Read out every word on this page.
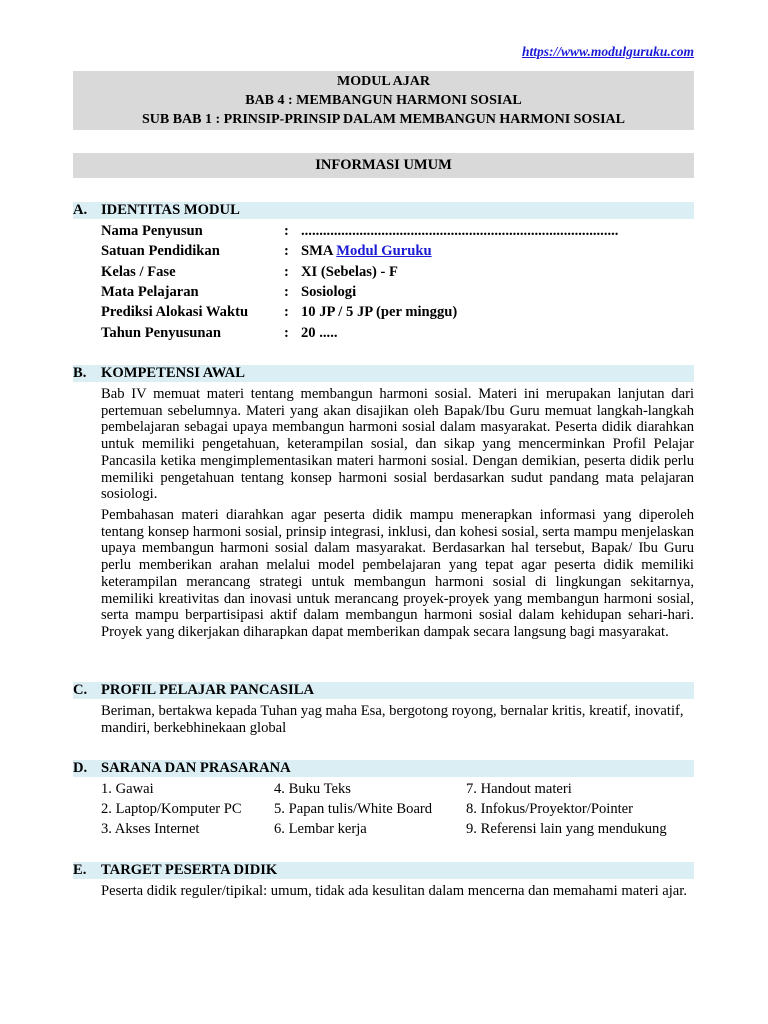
https://www.modulguruku.com
MODUL AJAR
BAB 4 : MEMBANGUN HARMONI SOSIAL
SUB BAB 1 : PRINSIP-PRINSIP DALAM MEMBANGUN HARMONI SOSIAL
INFORMASI UMUM
A. IDENTITAS MODUL
Nama Penyusun	: .......................................................................................
Satuan Pendidikan	: SMA Modul Guruku
Kelas / Fase	: XI (Sebelas) - F
Mata Pelajaran	: Sosiologi
Prediksi Alokasi Waktu : 10 JP / 5 JP (per minggu)
Tahun Penyusunan	: 20 .....
B. KOMPETENSI AWAL
Bab IV memuat materi tentang membangun harmoni sosial. Materi ini merupakan lanjutan dari pertemuan sebelumnya. Materi yang akan disajikan oleh Bapak/Ibu Guru memuat langkah-langkah pembelajaran sebagai upaya membangun harmoni sosial dalam masyarakat. Peserta didik diarahkan untuk memiliki pengetahuan, keterampilan sosial, dan sikap yang mencerminkan Profil Pelajar Pancasila ketika mengimplementasikan materi harmoni sosial. Dengan demikian, peserta didik perlu memiliki pengetahuan tentang konsep harmoni sosial berdasarkan sudut pandang mata pelajaran sosiologi.
Pembahasan materi diarahkan agar peserta didik mampu menerapkan informasi yang diperoleh tentang konsep harmoni sosial, prinsip integrasi, inklusi, dan kohesi sosial, serta mampu menjelaskan upaya membangun harmoni sosial dalam masyarakat. Berdasarkan hal tersebut, Bapak/ Ibu Guru perlu memberikan arahan melalui model pembelajaran yang tepat agar peserta didik memiliki keterampilan merancang strategi untuk membangun harmoni sosial di lingkungan sekitarnya, memiliki kreativitas dan inovasi untuk merancang proyek-proyek yang membangun harmoni sosial, serta mampu berpartisipasi aktif dalam membangun harmoni sosial dalam kehidupan sehari-hari. Proyek yang dikerjakan diharapkan dapat memberikan dampak secara langsung bagi masyarakat.
C. PROFIL PELAJAR PANCASILA
Beriman, bertakwa kepada Tuhan yag maha Esa, bergotong royong, bernalar kritis, kreatif, inovatif, mandiri, berkebhinekaan global
D. SARANA DAN PRASARANA
1. Gawai
2. Laptop/Komputer PC
3. Akses Internet
4. Buku Teks
5. Papan tulis/White Board
6. Lembar kerja
7. Handout materi
8. Infokus/Proyektor/Pointer
9. Referensi lain yang mendukung
E. TARGET PESERTA DIDIK
Peserta didik reguler/tipikal: umum, tidak ada kesulitan dalam mencerna dan memahami materi ajar.
